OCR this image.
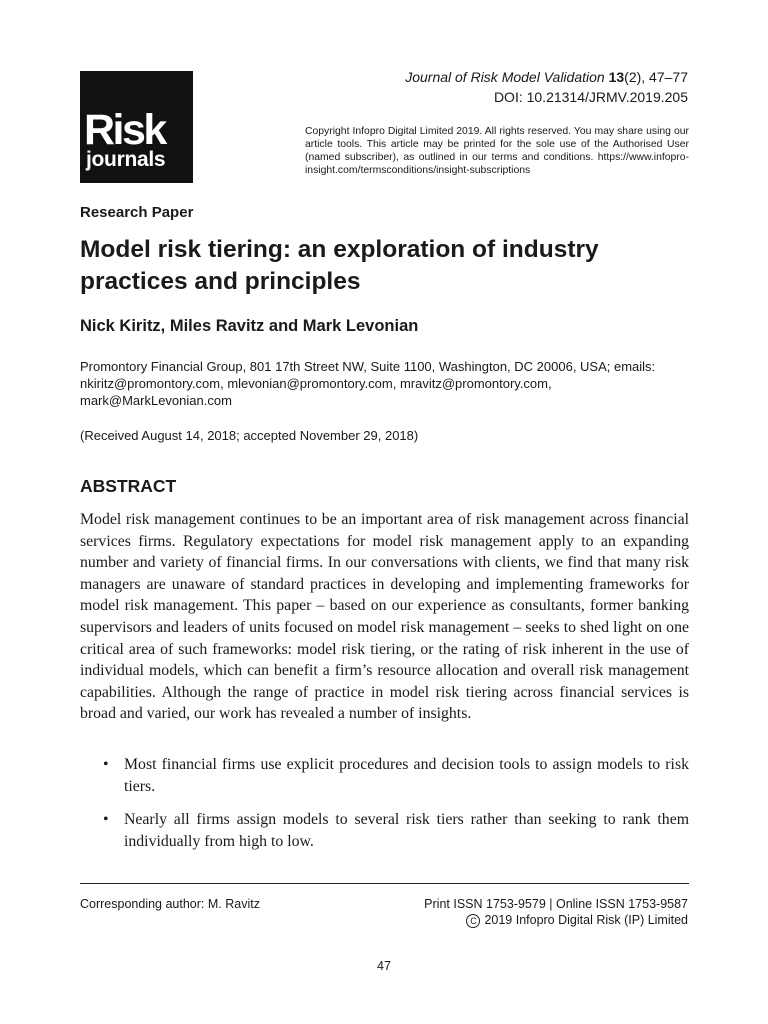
Risk
journals
Journal of Risk Model Validation 13(2), 47–77
DOI: 10.21314/JRMV.2019.205
Copyright Infopro Digital Limited 2019. All rights reserved. You may share using our article tools. This article may be printed for the sole use of the Authorised User (named subscriber), as outlined in our terms and conditions. https://www.infopro-insight.com/termsconditions/insight-subscriptions
Research Paper
Model risk tiering: an exploration of industry practices and principles
Nick Kiritz, Miles Ravitz and Mark Levonian
Promontory Financial Group, 801 17th Street NW, Suite 1100, Washington, DC 20006, USA; emails: nkiritz@promontory.com, mlevonian@promontory.com, mravitz@promontory.com, mark@MarkLevonian.com
(Received August 14, 2018; accepted November 29, 2018)
ABSTRACT

Model risk management continues to be an important area of risk management across financial services firms. Regulatory expectations for model risk management apply to an expanding number and variety of financial firms. In our conversations with clients, we find that many risk managers are unaware of standard practices in developing and implementing frameworks for model risk management. This paper – based on our experience as consultants, former banking supervisors and leaders of units focused on model risk management – seeks to shed light on one critical area of such frameworks: model risk tiering, or the rating of risk inherent in the use of individual models, which can benefit a firm’s resource allocation and overall risk management capabilities. Although the range of practice in model risk tiering across financial services is broad and varied, our work has revealed a number of insights.

• Most financial firms use explicit procedures and decision tools to assign models to risk tiers.
• Nearly all firms assign models to several risk tiers rather than seeking to rank them individually from high to low.
Corresponding author: M. Ravitz	Print ISSN 1753-9579 | Online ISSN 1753-9587
C 2019 Infopro Digital Risk (IP) Limited
47
